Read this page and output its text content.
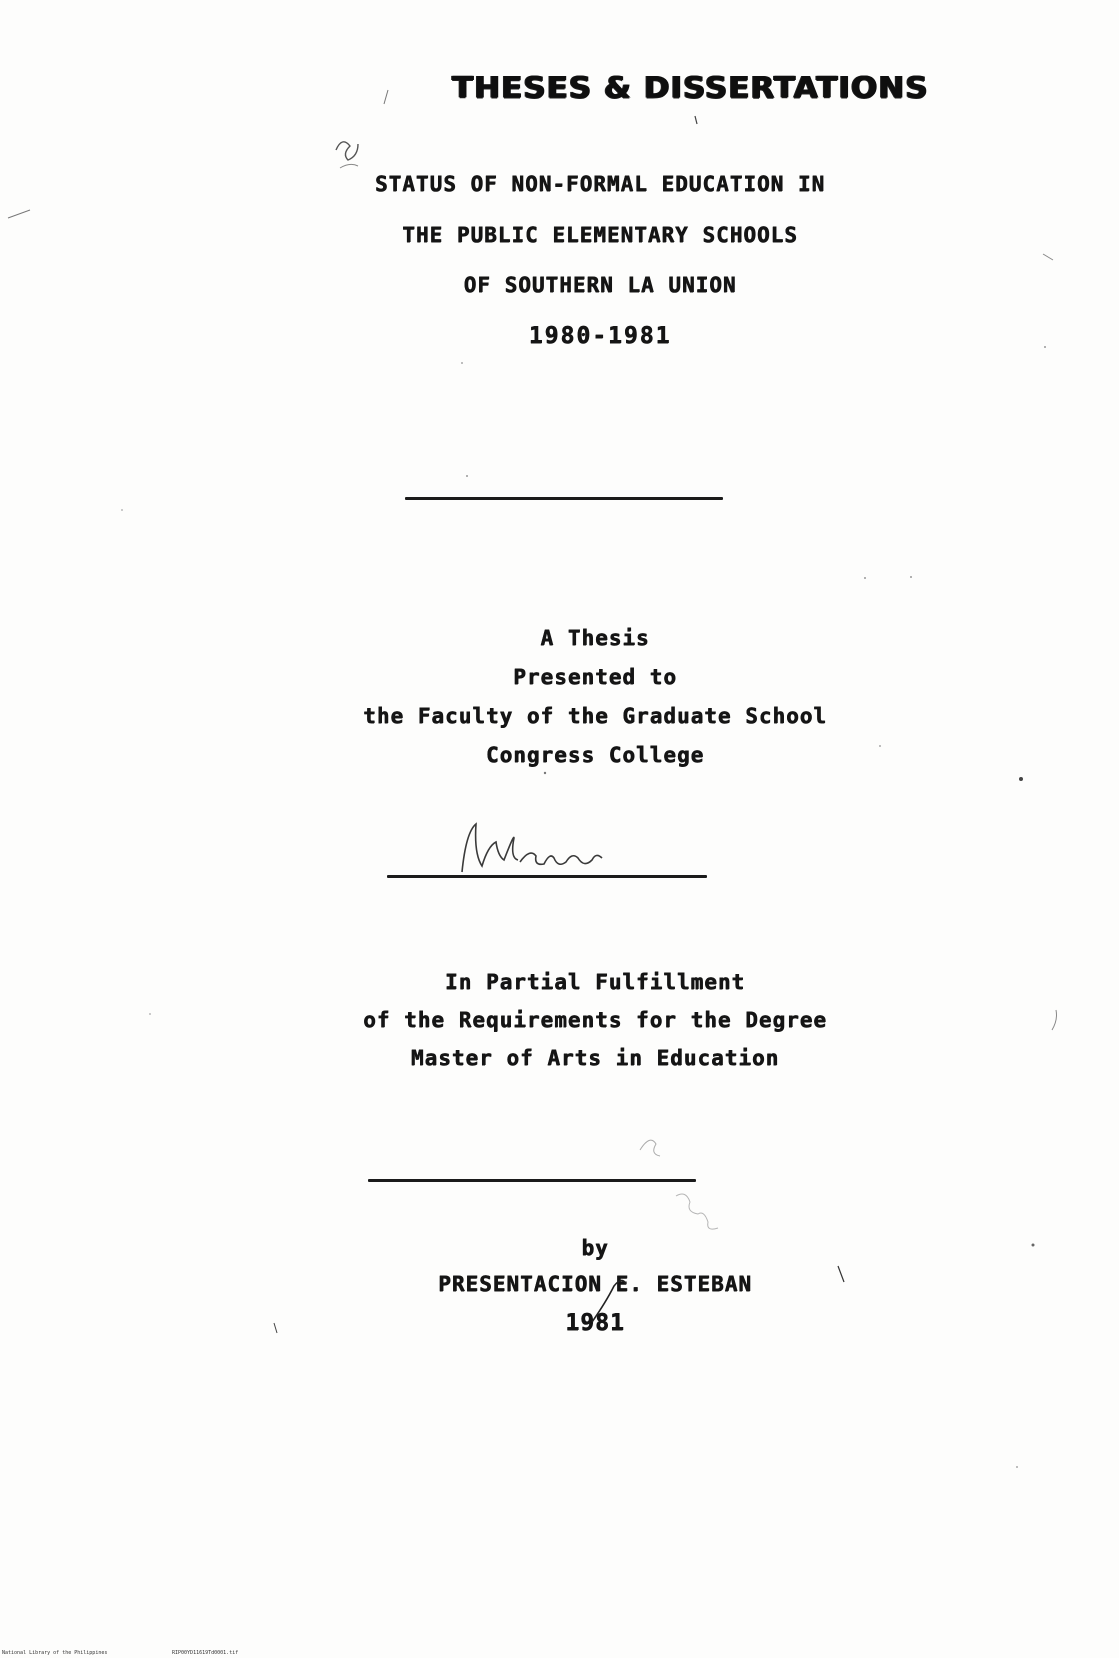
THESES & DISSERTATIONS
STATUS OF NON-FORMAL EDUCATION IN
THE PUBLIC ELEMENTARY SCHOOLS
OF SOUTHERN LA UNION
1980-1981
A Thesis
Presented to
the Faculty of the Graduate School
Congress College
In Partial Fulfillment
of the Requirements for the Degree
Master of Arts in Education
by
PRESENTACION E. ESTEBAN
1981
National Library of the Philippines	RIP00YD11619Td0001.tif
